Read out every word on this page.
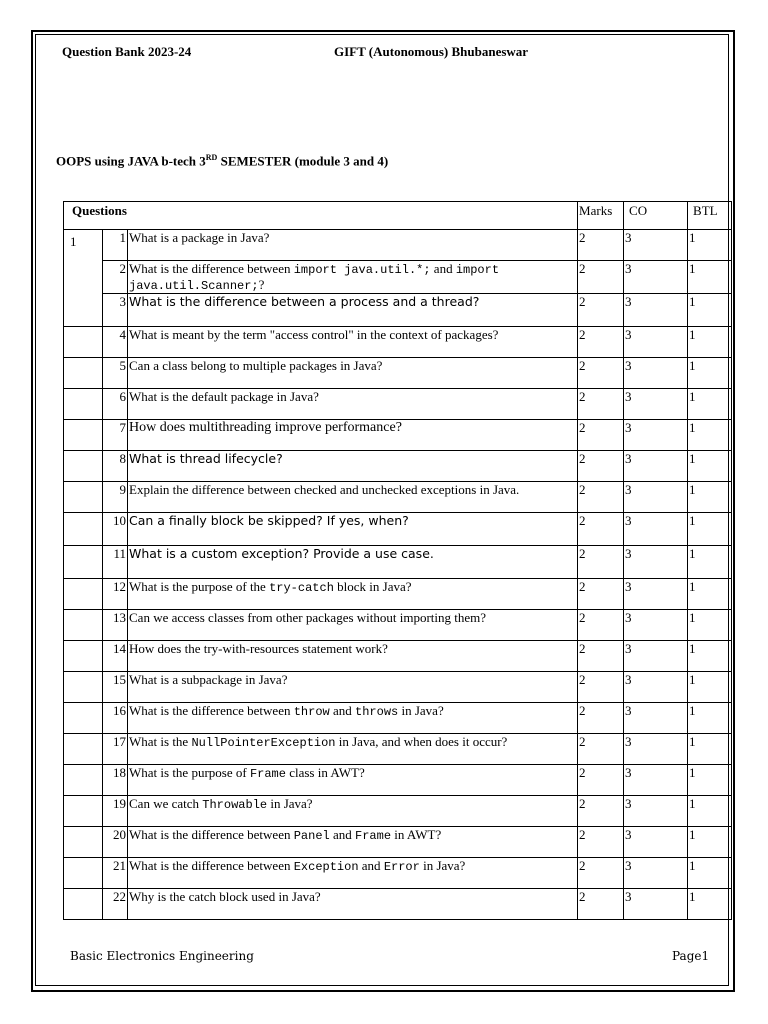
Question Bank 2023-24	GIFT (Autonomous) Bhubaneswar
OOPS using JAVA b-tech 3RD SEMESTER (module 3 and 4)
Questions			Marks	CO	BTL
1	1	What is a package in Java?	2	3	1
	2	What is the difference between import java.util.*; and import java.util.Scanner;?	2	3	1
	3	What is the difference between a process and a thread?	2	3	1
	4	What is meant by the term "access control" in the context of packages?	2	3	1
	5	Can a class belong to multiple packages in Java?	2	3	1
	6	What is the default package in Java?	2	3	1
	7	How does multithreading improve performance?	2	3	1
	8	What is thread lifecycle?	2	3	1
	9	Explain the difference between checked and unchecked exceptions in Java.	2	3	1
	10	Can a finally block be skipped? If yes, when?	2	3	1
	11	What is a custom exception? Provide a use case.	2	3	1
	12	What is the purpose of the try-catch block in Java?	2	3	1
	13	Can we access classes from other packages without importing them?	2	3	1
	14	How does the try-with-resources statement work?	2	3	1
	15	What is a subpackage in Java?	2	3	1
	16	What is the difference between throw and throws in Java?	2	3	1
	17	What is the NullPointerException in Java, and when does it occur?	2	3	1
	18	What is the purpose of Frame class in AWT?	2	3	1
	19	Can we catch Throwable in Java?	2	3	1
	20	What is the difference between Panel and Frame in AWT?	2	3	1
	21	What is the difference between Exception and Error in Java?	2	3	1
	22	Why is the catch block used in Java?	2	3	1
Basic Electronics Engineering	Page1
